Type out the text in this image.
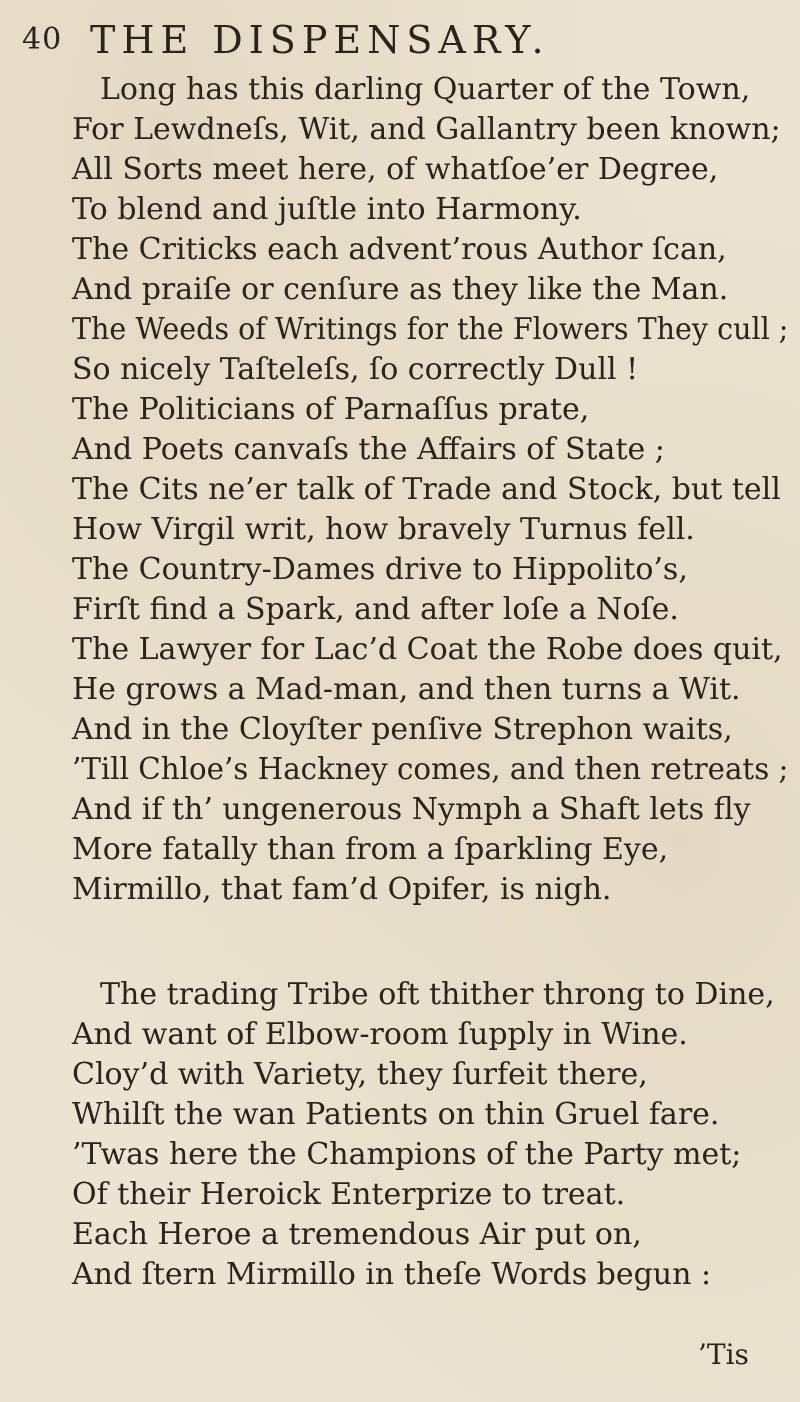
40 THE DISPENSARY.
Long has this darling Quarter of the Town,
For Lewdneſs, Wit, and Gallantry been known;
All Sorts meet here, of whatſoe’er Degree,
To blend and juſtle into Harmony.
The Criticks each advent’rous Author ſcan,
And praiſe or cenſure as they like the Man.
The Weeds of Writings for the Flowers They cull ;
So nicely Taſteleſs, ſo correctly Dull !
The Politicians of Parnaſſus prate,
And Poets canvaſs the Affairs of State ;
The Cits ne’er talk of Trade and Stock, but tell
How Virgil writ, how bravely Turnus fell.
The Country-Dames drive to Hippolito’s,
Firſt find a Spark, and after loſe a Noſe.
The Lawyer for Lac’d Coat the Robe does quit,
He grows a Mad-man, and then turns a Wit.
And in the Cloyſter penſive Strephon waits,
’Till Chloe’s Hackney comes, and then retreats ;
And if th’ ungenerous Nymph a Shaft lets fly
More fatally than from a ſparkling Eye,
Mirmillo, that fam’d Opifer, is nigh.
The trading Tribe oft thither throng to Dine,
And want of Elbow-room ſupply in Wine.
Cloy’d with Variety, they ſurfeit there,
Whilſt the wan Patients on thin Gruel fare.
’Twas here the Champions of the Party met;
Of their Heroick Enterprize to treat.
Each Heroe a tremendous Air put on,
And ſtern Mirmillo in theſe Words begun :
’Tis
